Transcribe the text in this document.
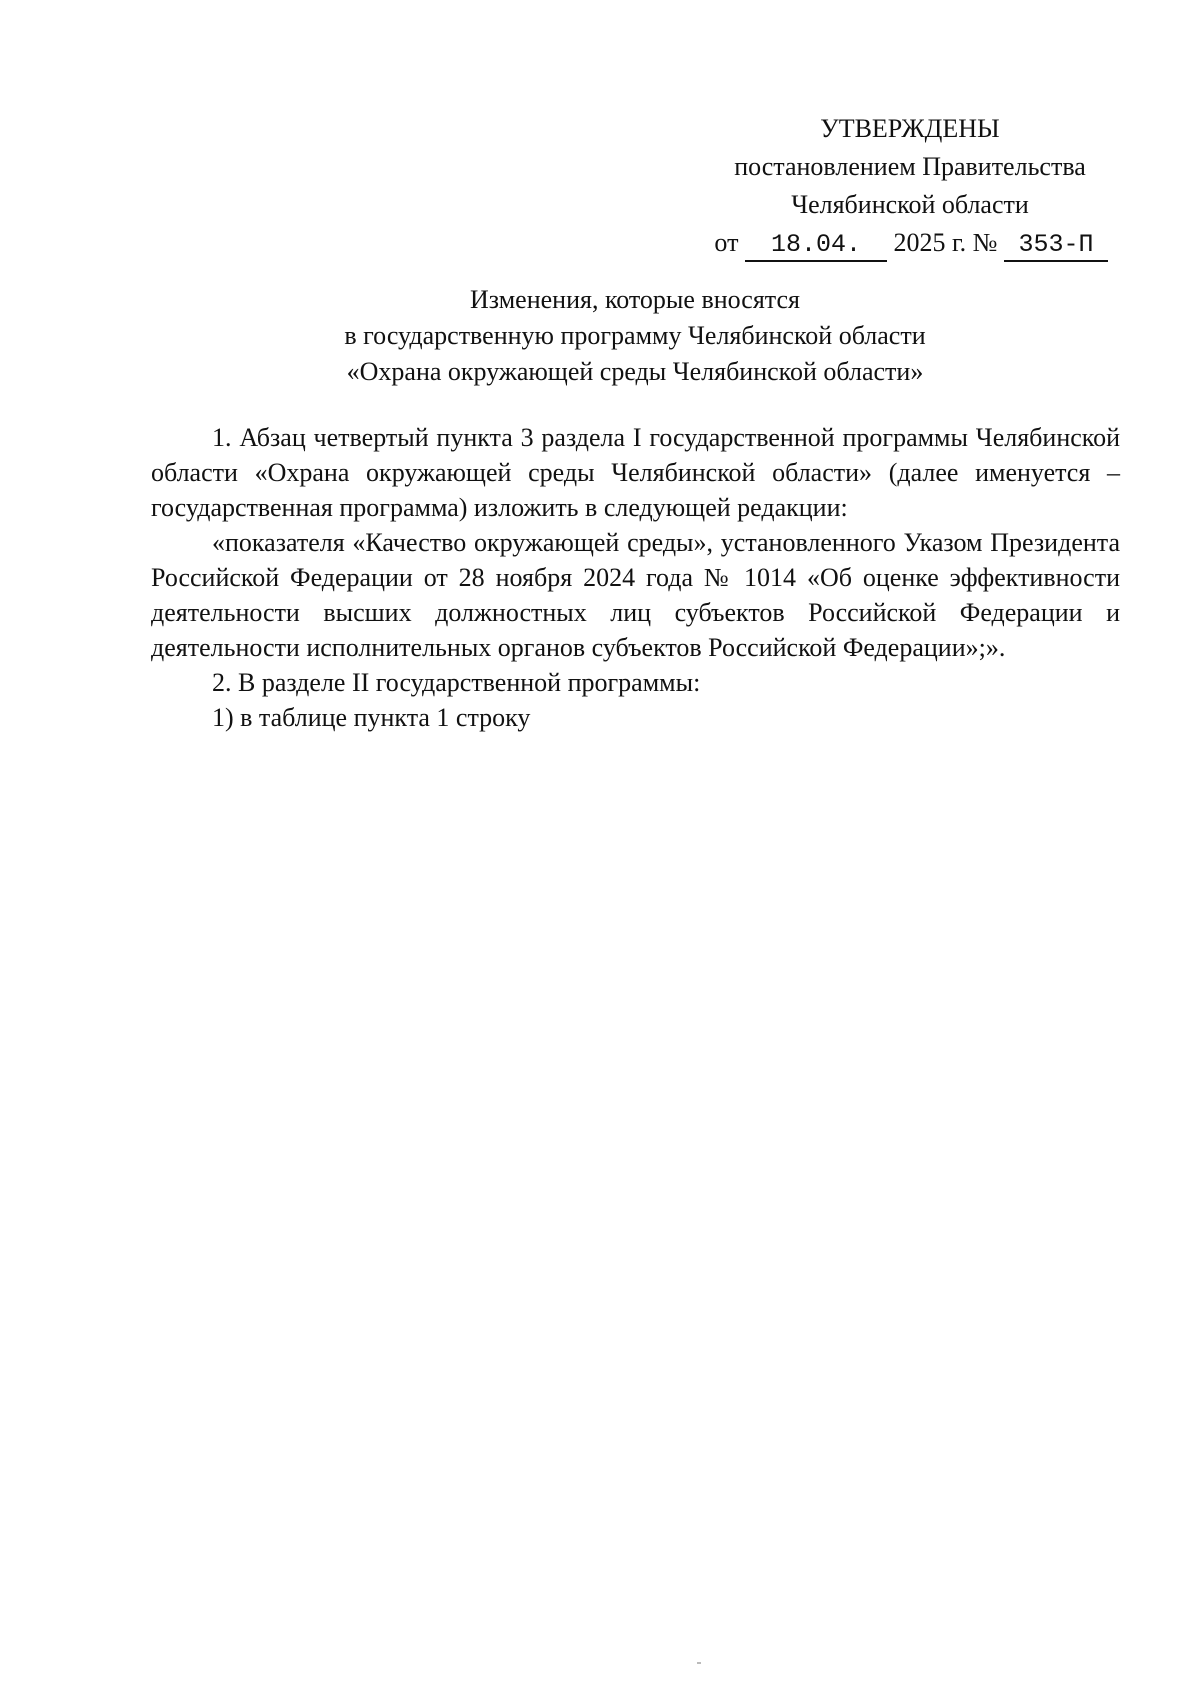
УТВЕРЖДЕНЫ
постановлением Правительства
Челябинской области
от 18.04. 2025 г. № 353-П
Изменения, которые вносятся
в государственную программу Челябинской области
«Охрана окружающей среды Челябинской области»

1. Абзац четвертый пункта 3 раздела I государственной программы Челябинской области «Охрана окружающей среды Челябинской области» (далее именуется – государственная программа) изложить в следующей редакции:

«показателя «Качество окружающей среды», установленного Указом Президента Российской Федерации от 28 ноября 2024 года № 1014 «Об оценке эффективности деятельности высших должностных лиц субъектов Российской Федерации и деятельности исполнительных органов субъектов Российской Федерации»;».

2. В разделе II государственной программы:

1) в таблице пункта 1 строку
